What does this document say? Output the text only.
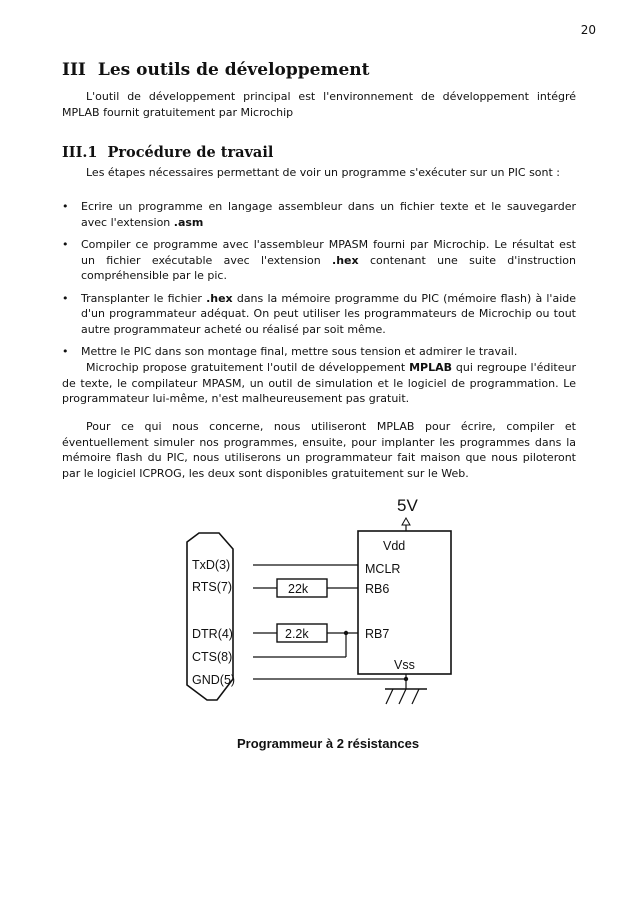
20
III Les outils de développement

L'outil de développement principal est l'environnement de développement intégré MPLAB fournit gratuitement par Microchip

III.1 Procédure de travail

Les étapes nécessaires permettant de voir un programme s'exécuter sur un PIC sont :

• Ecrire un programme en langage assembleur dans un fichier texte et le sauvegarder avec l'extension .asm
• Compiler ce programme avec l'assembleur MPASM fourni par Microchip. Le résultat est un fichier exécutable avec l'extension .hex contenant une suite d'instruction compréhensible par le pic.
• Transplanter le fichier .hex dans la mémoire programme du PIC (mémoire flash) à l'aide d'un programmateur adéquat. On peut utiliser les programmateurs de Microchip ou tout autre programmateur acheté ou réalisé par soit même.
• Mettre le PIC dans son montage final, mettre sous tension et admirer le travail.

Microchip propose gratuitement l'outil de développement MPLAB qui regroupe l'éditeur de texte, le compilateur MPASM, un outil de simulation et le logiciel de programmation. Le programmateur lui-même, n'est malheureusement pas gratuit.

Pour ce qui nous concerne, nous utiliseront MPLAB pour écrire, compiler et éventuellement simuler nos programmes, ensuite, pour implanter les programmes dans la mémoire flash du PIC, nous utiliserons un programmateur fait maison que nous piloteront par le logiciel ICPROG, les deux sont disponibles gratuitement sur le Web.

5V
Vdd
MCLR
RB6
RB7
Vss
TxD(3)
RTS(7)
DTR(4)
CTS(8)
GND(5)
22k
2.2k
Programmeur à 2 résistances
